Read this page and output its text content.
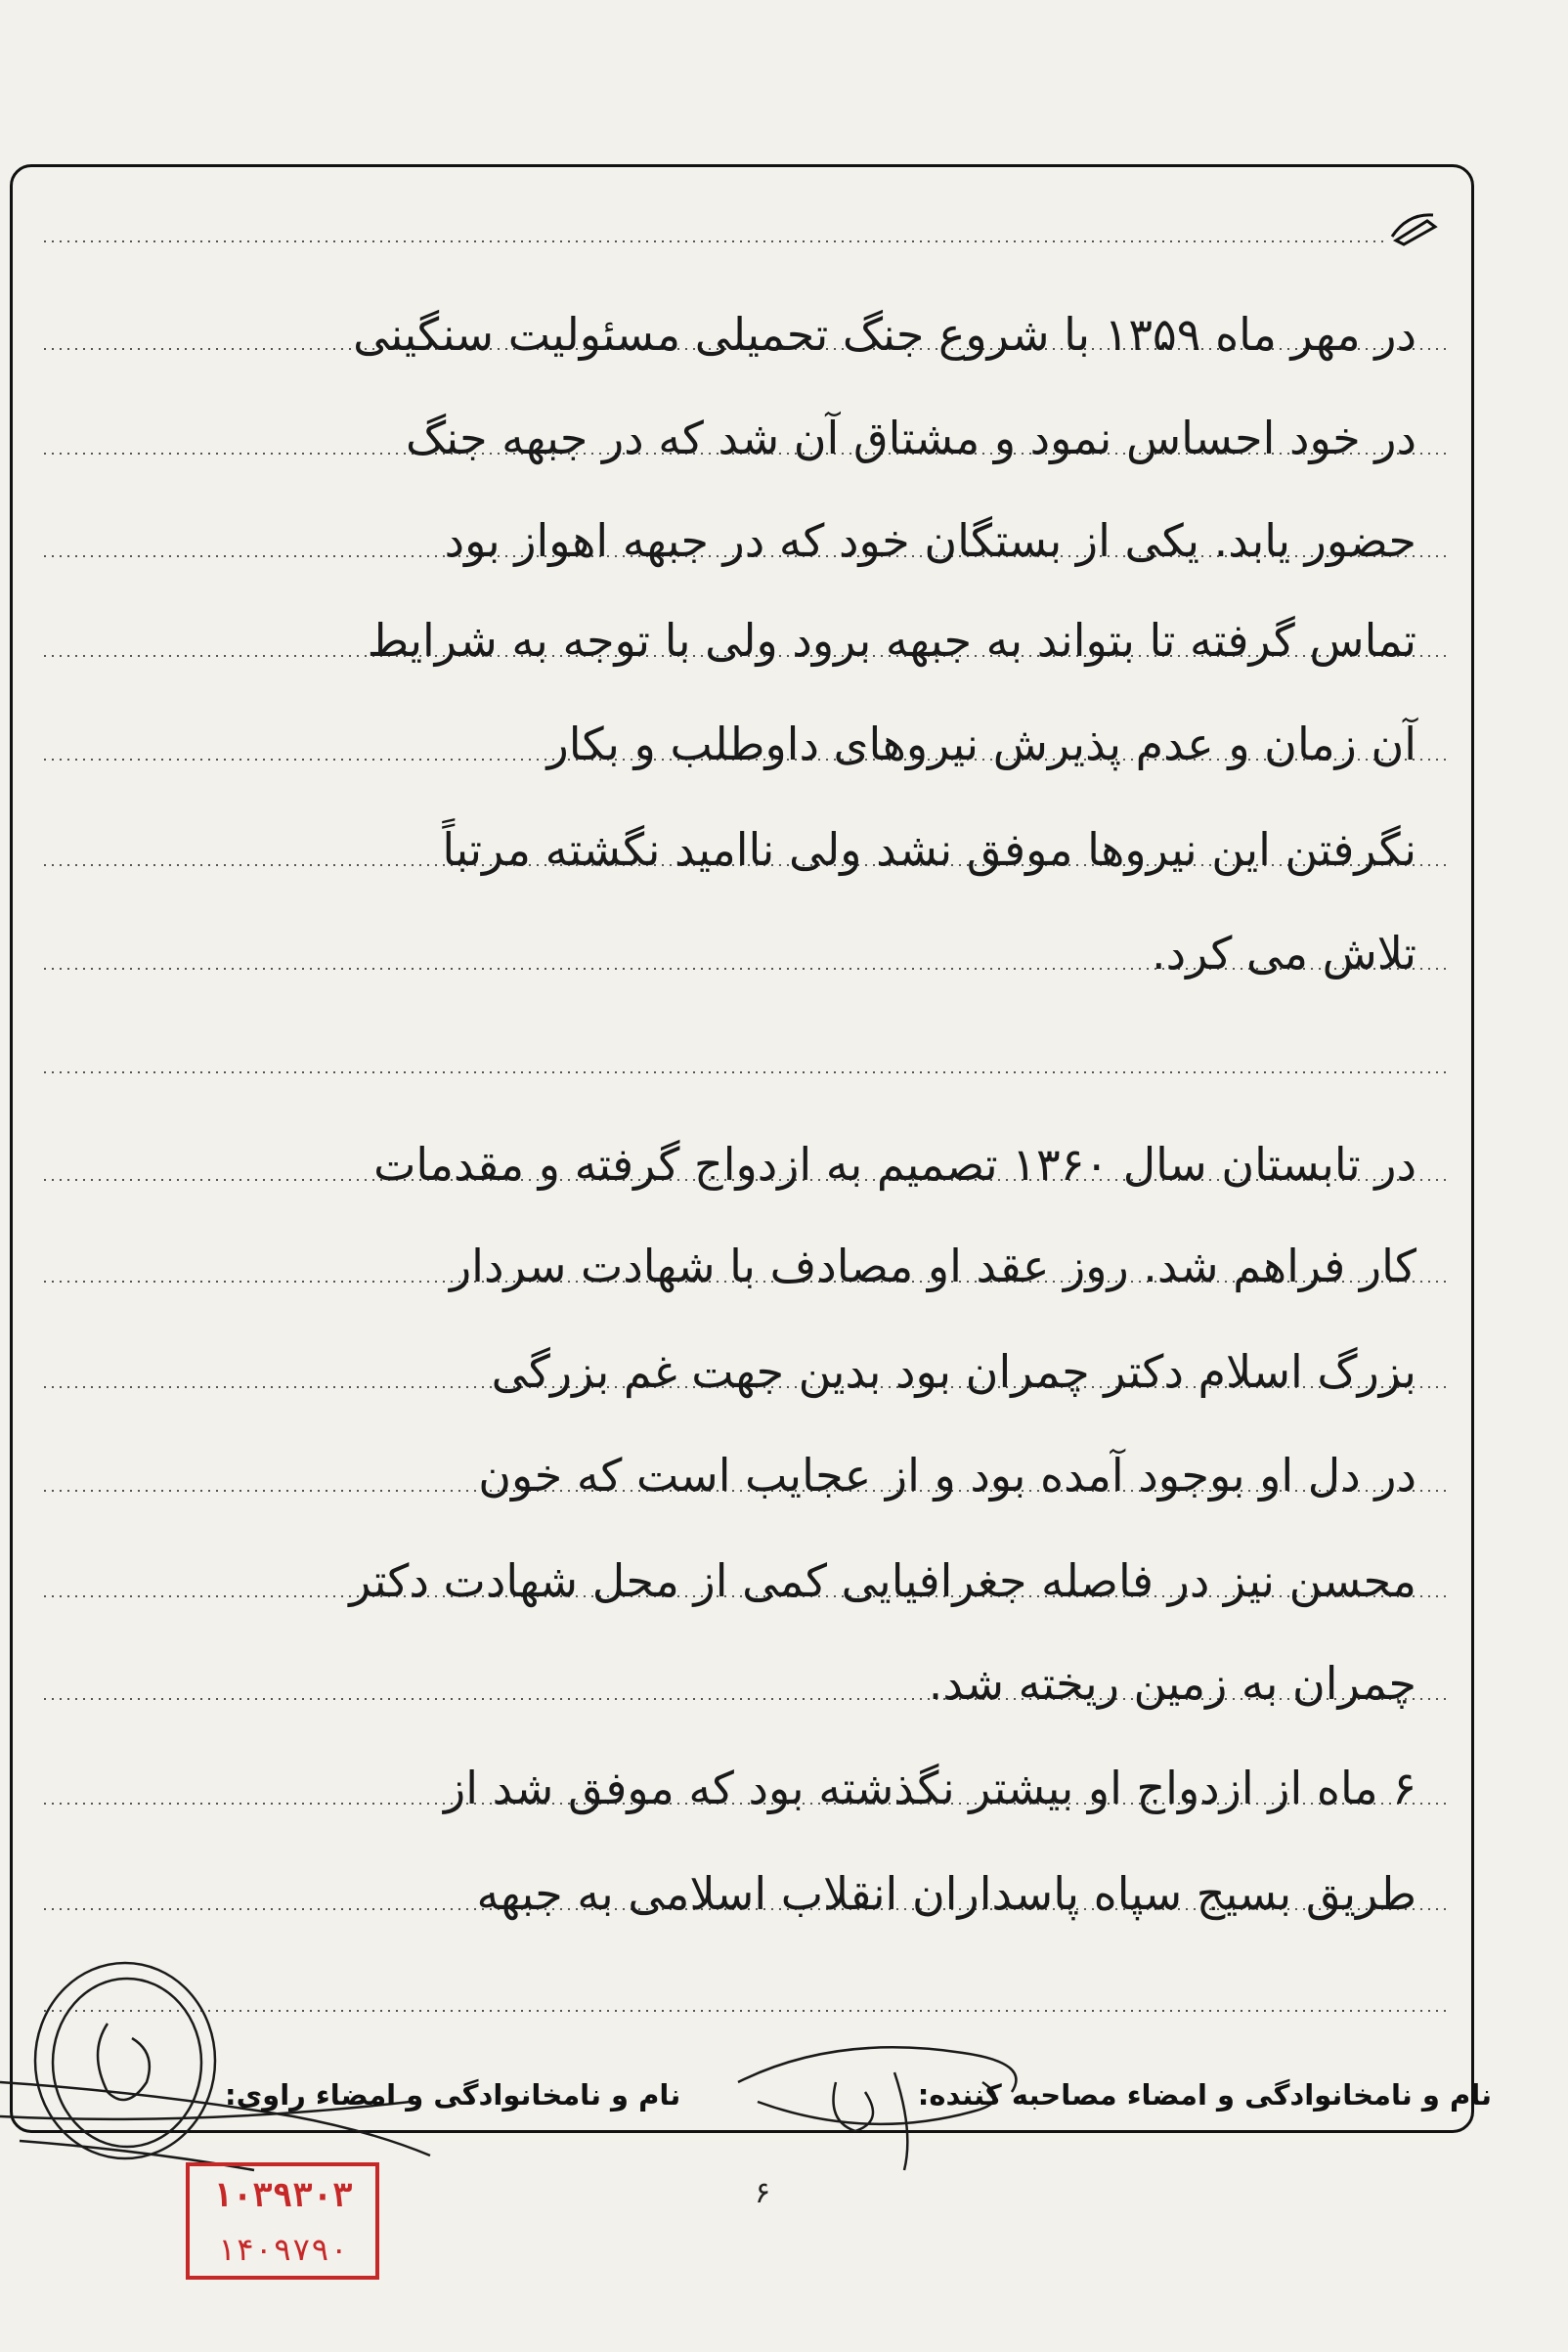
در مهر ماه ۱۳۵۹ با شروع جنگ تحمیلی مسئولیت سنگینی
در خود احساس نمود و مشتاق آن شد که در جبهه جنگ
حضور یابد. یکی از بستگان خود که در جبهه اهواز بود
تماس گرفته تا بتواند به جبهه برود ولی با توجه به شرایط
آن زمان و عدم پذیرش نیروهای داوطلب و بکار
نگرفتن این نیروها موفق نشد ولی ناامید نگشته مرتباً
تلاش می کرد.
در تابستان سال ۱۳۶۰ تصمیم به ازدواج گرفته و مقدمات
کار فراهم شد. روز عقد او مصادف با شهادت سردار
بزرگ اسلام دکتر چمران بود بدین جهت غم بزرگی
در دل او بوجود آمده بود و از عجایب است که خون
محسن نیز در فاصله جغرافیایی کمی از محل شهادت دکتر
چمران به زمین ریخته شد.
۶ ماه از ازدواج او بیشتر نگذشته بود که موفق شد از
طریق بسیج سپاه پاسداران انقلاب اسلامی به جبهه
نام و نامخانوادگی و امضاء مصاحبه کننده:
نام و نامخانوادگی و امضاء راوی:
۱۰۳۹۳۰۳
۱۴۰۹۷۹۰
۶
